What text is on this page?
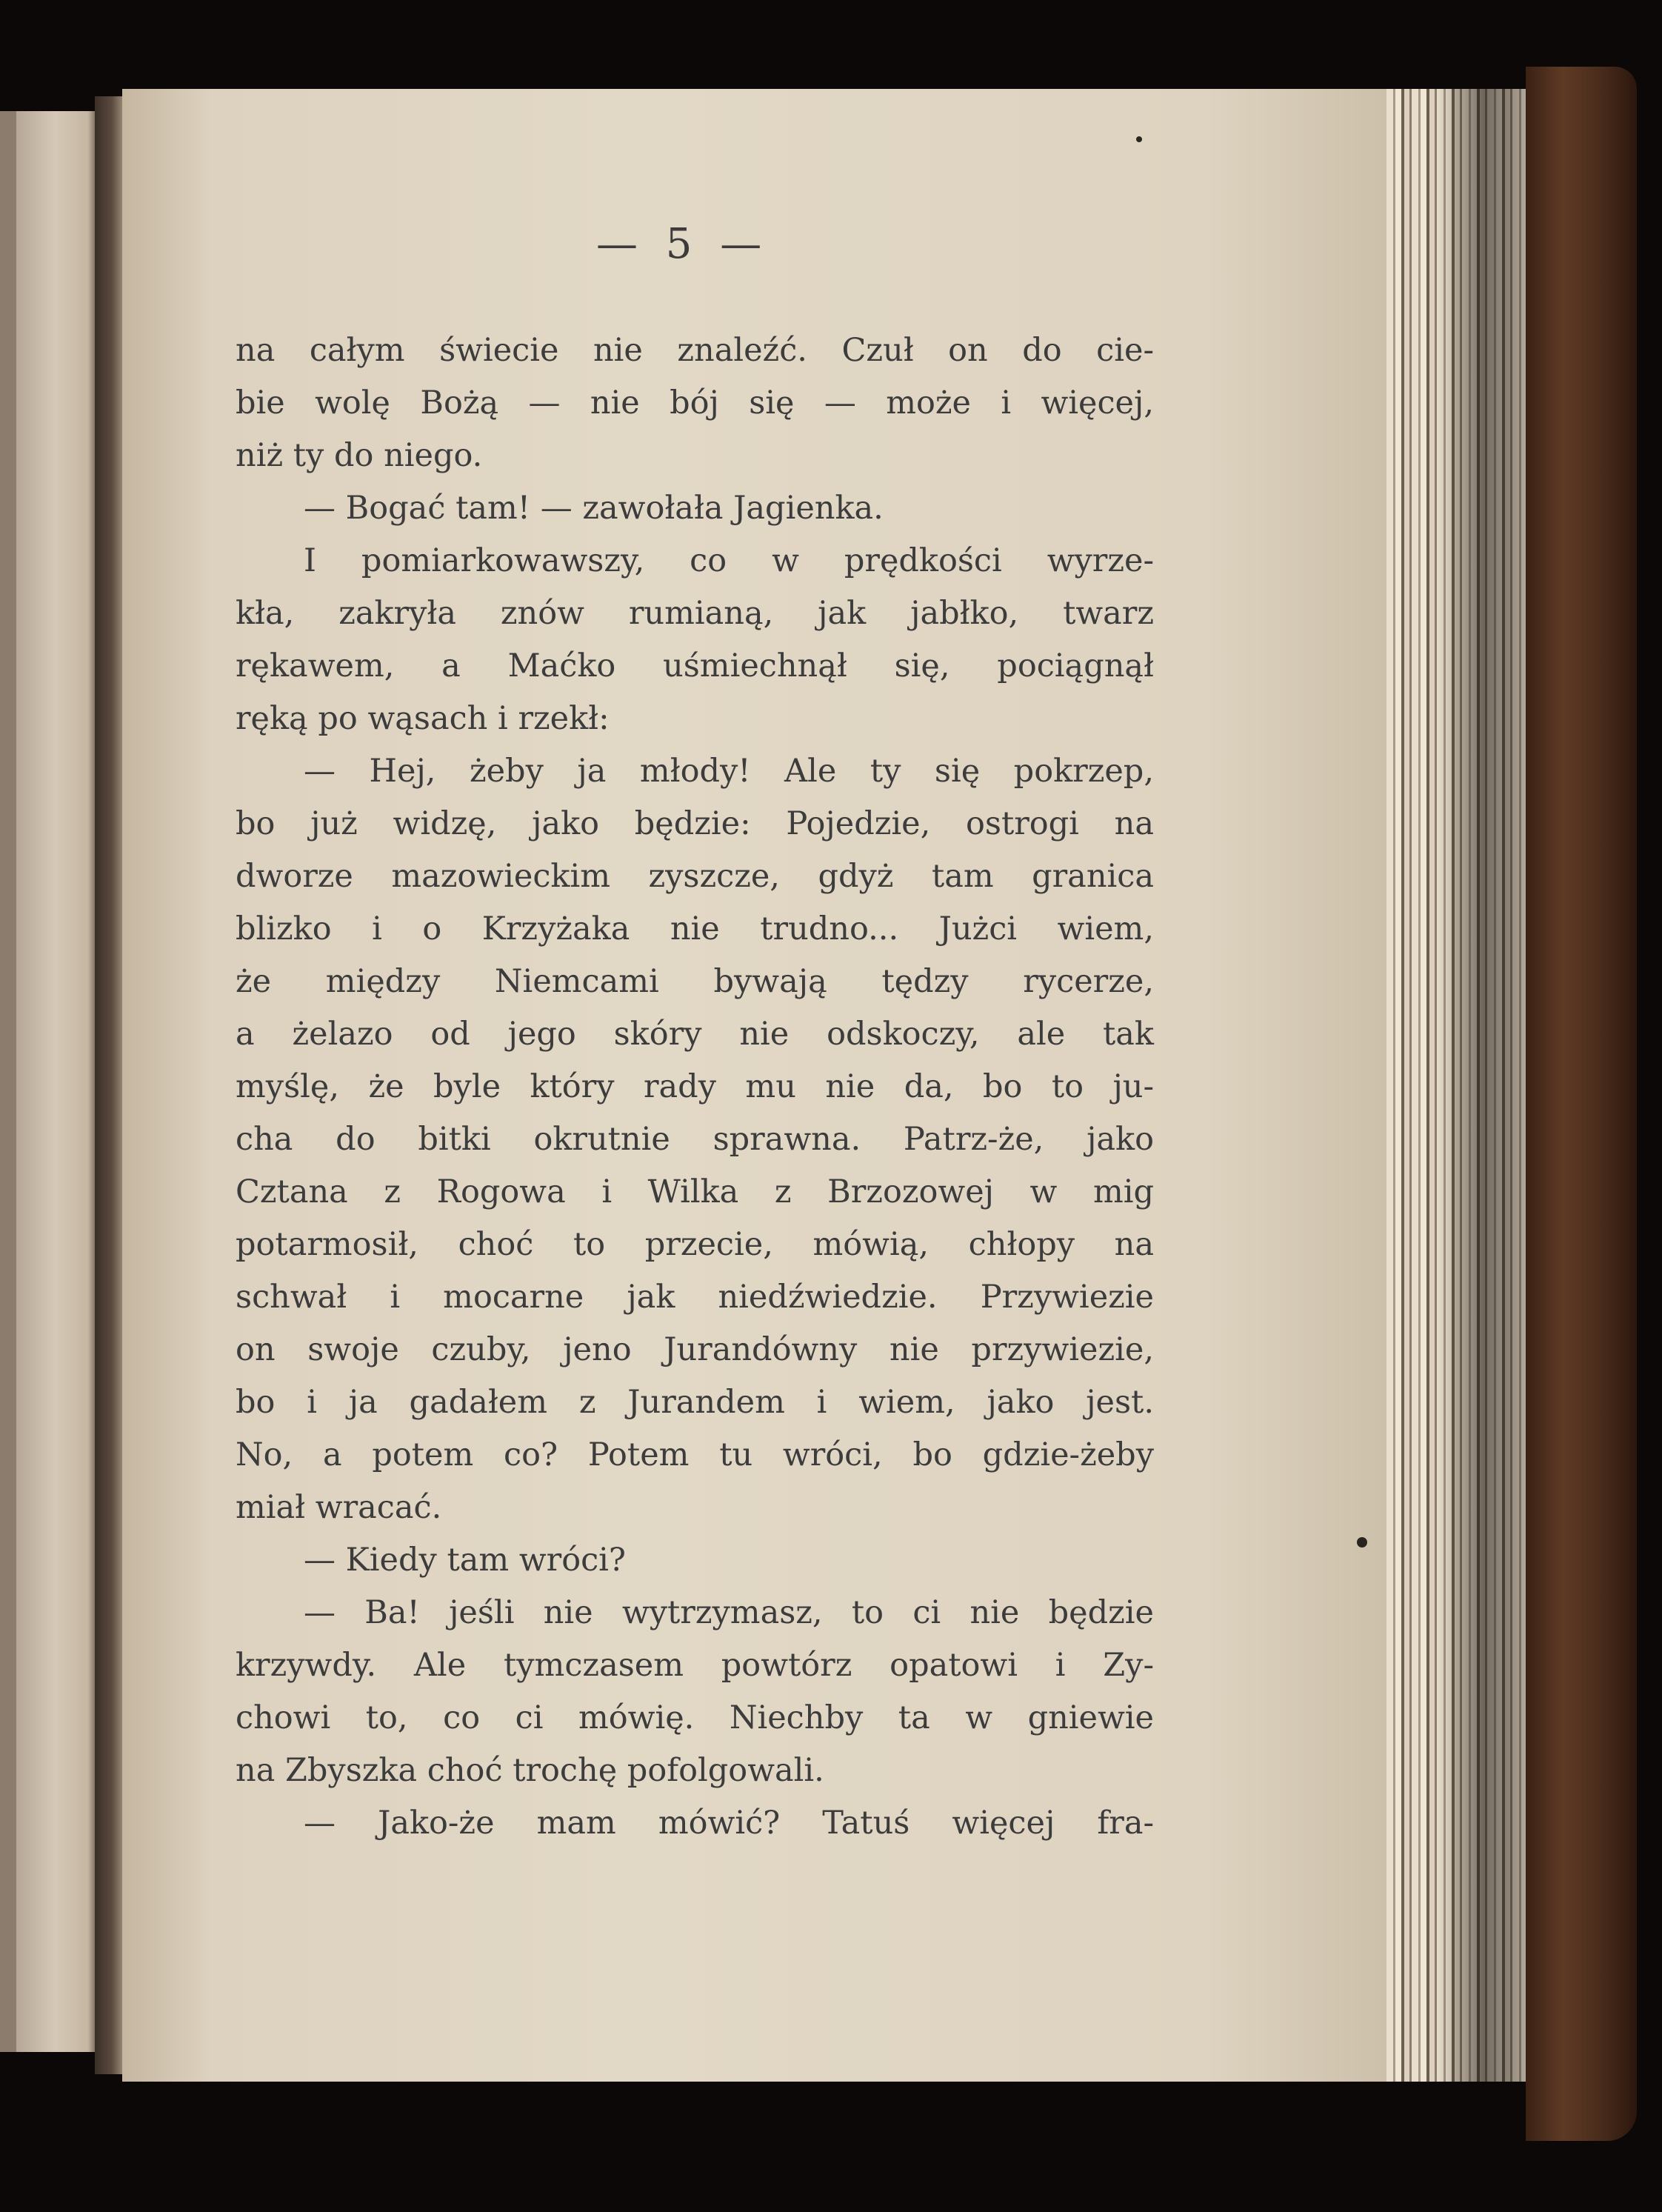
— 5 —
na całym świecie nie znaleźć. Czuł on do cie-
bie wolę Bożą — nie bój się — może i więcej,
niż ty do niego.
— Bogać tam! — zawołała Jagienka.
I pomiarkowawszy, co w prędkości wyrze-
kła, zakryła znów rumianą, jak jabłko, twarz
rękawem, a Maćko uśmiechnął się, pociągnął
ręką po wąsach i rzekł:
— Hej, żeby ja młody! Ale ty się pokrzep,
bo już widzę, jako będzie: Pojedzie, ostrogi na
dworze mazowieckim zyszcze, gdyż tam granica
blizko i o Krzyżaka nie trudno... Jużci wiem,
że między Niemcami bywają tędzy rycerze,
a żelazo od jego skóry nie odskoczy, ale tak
myślę, że byle który rady mu nie da, bo to ju-
cha do bitki okrutnie sprawna. Patrz-że, jako
Cztana z Rogowa i Wilka z Brzozowej w mig
potarmosił, choć to przecie, mówią, chłopy na
schwał i mocarne jak niedźwiedzie. Przywiezie
on swoje czuby, jeno Jurandówny nie przywiezie,
bo i ja gadałem z Jurandem i wiem, jako jest.
No, a potem co? Potem tu wróci, bo gdzie-żeby
miał wracać.
— Kiedy tam wróci?
— Ba! jeśli nie wytrzymasz, to ci nie będzie
krzywdy. Ale tymczasem powtórz opatowi i Zy-
chowi to, co ci mówię. Niechby ta w gniewie
na Zbyszka choć trochę pofolgowali.
— Jako-że mam mówić? Tatuś więcej fra-
